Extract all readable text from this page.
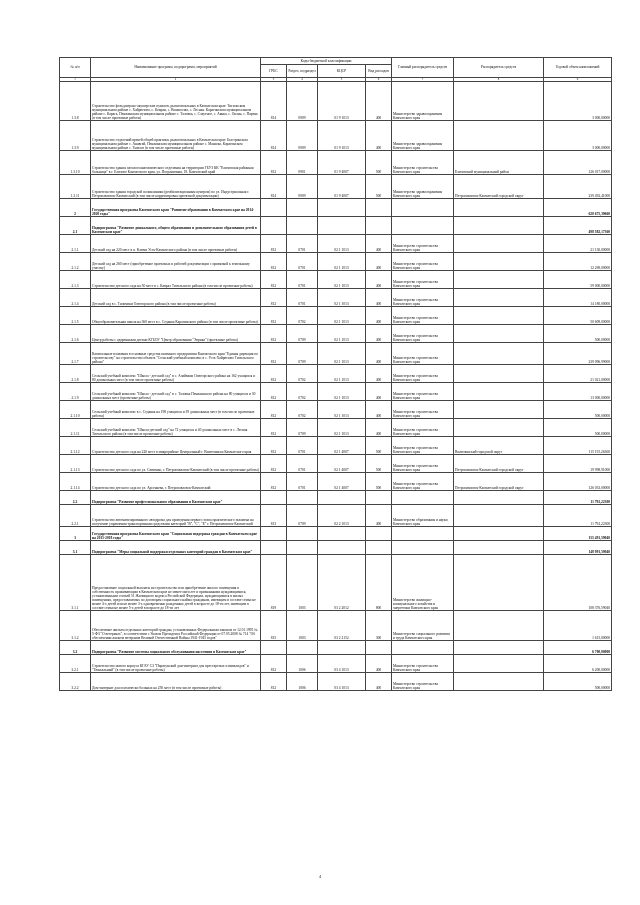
№ п/п	Наименование программ, подпрограмм, мероприятий	Коды бюджетной классификации				Главный распорядитель средств	Распорядитель средств	Годовой объем капвложений
		ГРБС	Раздел, подраздел	КЦСР	Вид расходов			
1	2	3	4	5	6	7	8	9
1.3.8	Строительство фельдшерско-акушерских пунктов, рыльтовоальных в Камчатском крае: Тигильском муниципальном районе с. Хайрюзово, с. Ковран, с. Воямполка, с. Лесная. Карагинском муниципальном районе с. Карага, Пенжинском муниципальном районе с. Таловка, с. Слаутное, с. Аянка, с. Оклан, с. Парень (в том числе проектные работы)	814	0909	01 9 1013	400	Министерство здравоохранения Камчатского края		3 000,00000
1.3.9	Строительство отделений врачей общей практики, рыльтовоальных в Камчатском крае: Быстринском муниципальном районе с. Анавгай, Пенжинском муниципальном районе с. Манилы, Карагинском муниципальном районе с. Тымлат (в том числе проектные работы)	814	0909	01 9 1013	400	Министерство здравоохранения Камчатского края		3 000,00000
1.3.10	Строительство здания патологоанатомического отделения на территории ГБУЗ КК "Елизовская районная больница" в г. Елизово Камчатского края, ул. Пограничная, 18. Камчатский край	812	0901	01 9 4007	500	Министерство строительства Камчатского края	Елизовский муниципальный район	126 017,00000
1.3.11	Строительство здания городской поликлиники (реабилитационным центром) по ул. Индустриальная г. Петропавловск-Камчатский (в том числе корректировка проектной документации)	814	0909	01 9 4007	500	Министерство здравоохранения Камчатского края	Петропавловск-Камчатский городской округ	239 492,41000
2	Государственная программа Камчатского края "Развитие образования в Камчатском крае на 2014-2020 годы"							620 675,39660
2.1	Подпрограмма "Развитие дошкольного, общего образования и дополнительного образования детей в Камчатском крае"							498 582,17360
2.1.1	Детский сад на 220 мест в п. Ключи Усть-Камчатского района (в том числе проектные работы)	812	0701	02 1 1013	400	Министерство строительства Камчатского края		21 130,00000
2.1.2	Детский сад на 260 мест (приобретение проектных и рабочей документации с привязкой к земельному участку)	812	0701	02 1 1013	400	Министерство строительства Камчатского края		12 269,00000
2.1.3	Строительство детского сада на 50 мест в с. Каврал Тигильского района (в том числе проектные работы)	812	0701	02 1 1013	400	Министерство строительства Камчатского края		59 000,00000
2.1.4	Детский сад в с. Тиличики Олюторского района (в том числе проектные работы)	812	0701	02 1 1013	400	Министерство строительства Камчатского края		14 180,00000
2.1.5	Общеобразовательная школа на 360 мест в с. Седанка Карагинского района (в том числе проектные работы)	812	0702	02 1 1013	400	Министерство строительства Камчатского края		50 609,00000
2.1.6	Центр работы с одаренными детьми КГБОУ "Центр образования "Эврика" (проектные работы)	812	0709	02 1 1013	400	Министерство строительства Камчатского края		500,00000
2.1.7	Капитальные вложения в основные средства казенного предприятия Камчатского края "Единая дирекция по строительству" на строительство объекта "Сельский учебный комплекс в с. Усть-Хайрюзово Тигильского района"	812	0709	02 1 1013	400	Министерство строительства Камчатского края		239 096,99000
2.1.8	Сельский учебный комплекс "Школа - детский сад" в с. Ачайваям Олюторского района на 162 учащихся и 80 дошкольных мест (в том числе проектные работы)	812	0702	02 1 1013	400	Министерство строительства Камчатского края		21 021,00000
2.1.9	Сельский учебный комплекс "Школа - детский сад" в с. Таловка Пенжинского района на 80 учащихся и 30 дошкольных мест (проектные работы)	812	0702	02 1 1013	400	Министерство строительства Камчатского края		13 000,00000
2.1.10	Сельский учебный комплекс в с. Седанка на 198 учащихся и 39 дошкольных мест (в том числе проектные работы)	812	0702	02 1 1013	400	Министерство строительства Камчатского края		500,00000
2.1.11	Сельский учебный комплекс "Школа-детский сад" на 72 учащихся и 40 дошкольных мест в с. Лесная Тигильского района (в том числе проектные работы)	812	0709	02 1 1013	400	Министерство строительства Камчатского края		500,00000
2.1.12	Строительство детского сада на 220 мест в микрорайоне Центральный г. Вилючинска Камчатского края	812	0701	02 1 4007	500	Министерство строительства Камчатского края	Вилючинский городской округ	115 155,26360
2.1.13	Строительство детского сада по ул. Савченко, г. Петропавловск-Камчатский (в том числе проектные работы)	812	0701	02 1 4007	500	Министерство строительства Камчатского края	Петропавловск-Камчатский городской округ	19 998,91000
2.1.14	Строительство детского сада по ул. Арсеньева, г. Петропавловск-Камчатский	812	0701	02 1 4007	500	Министерство строительства Камчатского края	Петропавловск-Камчатский городской округ	126 033,00000
2.2	Подпрограмма "Развитие профессионального образования в Камчатском крае"							11 792,22300
2.2.1	Строительство автоматизированного автодрома для проведения первого этапа практического экзамена на получение управления транспортными средствами категорий "В", "С", "Е" г. Петропавловск-Камчатский	813	0709	02 2 1013	400	Министерство образования и науки Камчатского края		11 792,22300
3	Государственная программа Камчатского края "Социальная поддержка граждан в Камчатском крае на 2015-2018 годы"							155 491,59040
3.1	Подпрограмма "Меры социальной поддержки отдельных категорий граждан в Камчатском крае"							148 991,59040
3.1.1	Предоставление социальной выплаты на строительство или приобретение жилого помещения в собственность проживающим в Камчатском крае не менее пяти лет и признанными нуждающимися, установленными статьей 51 Жилищного кодекса Российской Федерации, нуждающимися в жилых помещениях, предоставляемых по договорам социального найма гражданам, имеющим в составе семьи не менее 4-х детей или не менее 3-х одновременно рожденных детей в возрасте до 18-ти лет, имеющим в составе семьи не менее 5-х детей в возрасте до 18-ти лет	819	1003	03 2 2012	800	Министерство жилищно-коммунального хозяйства и энергетики Камчатского края		108 376,59040
3.1.2	Обеспечение жильем отдельных категорий граждан, установленных Федеральным законом от 12.01.1995 № 5-ФЗ "О ветеранах", в соответствии с Указом Президента Российской Федерации от 07.05.2008 № 714 "Об обеспечении жильем ветеранов Великой Отечественной Войны 1941-1945 годов"	815	1003	03 2 2152	300	Министерство социального развития и труда Камчатского края		1 615,00000
3.2	Подпрограмма "Развитие системы социального обслуживания населения в Камчатском крае"							6 700,00000
3.2.1	Строительство нового корпуса КГАУ СЗ "Паратунский дом-интернат для престарелых и инвалидов" и "Тюньальный" (в том числе проектные работы)	812	1006	03 4 1013	400	Министерство строительства Камчатского края		6 200,00000
3.2.2	Дом-интернат для психически больных на 250 мест (в том числе проектные работы)	812	1006	03 4 1013	400	Министерство строительства Камчатского края		500,00000
4
